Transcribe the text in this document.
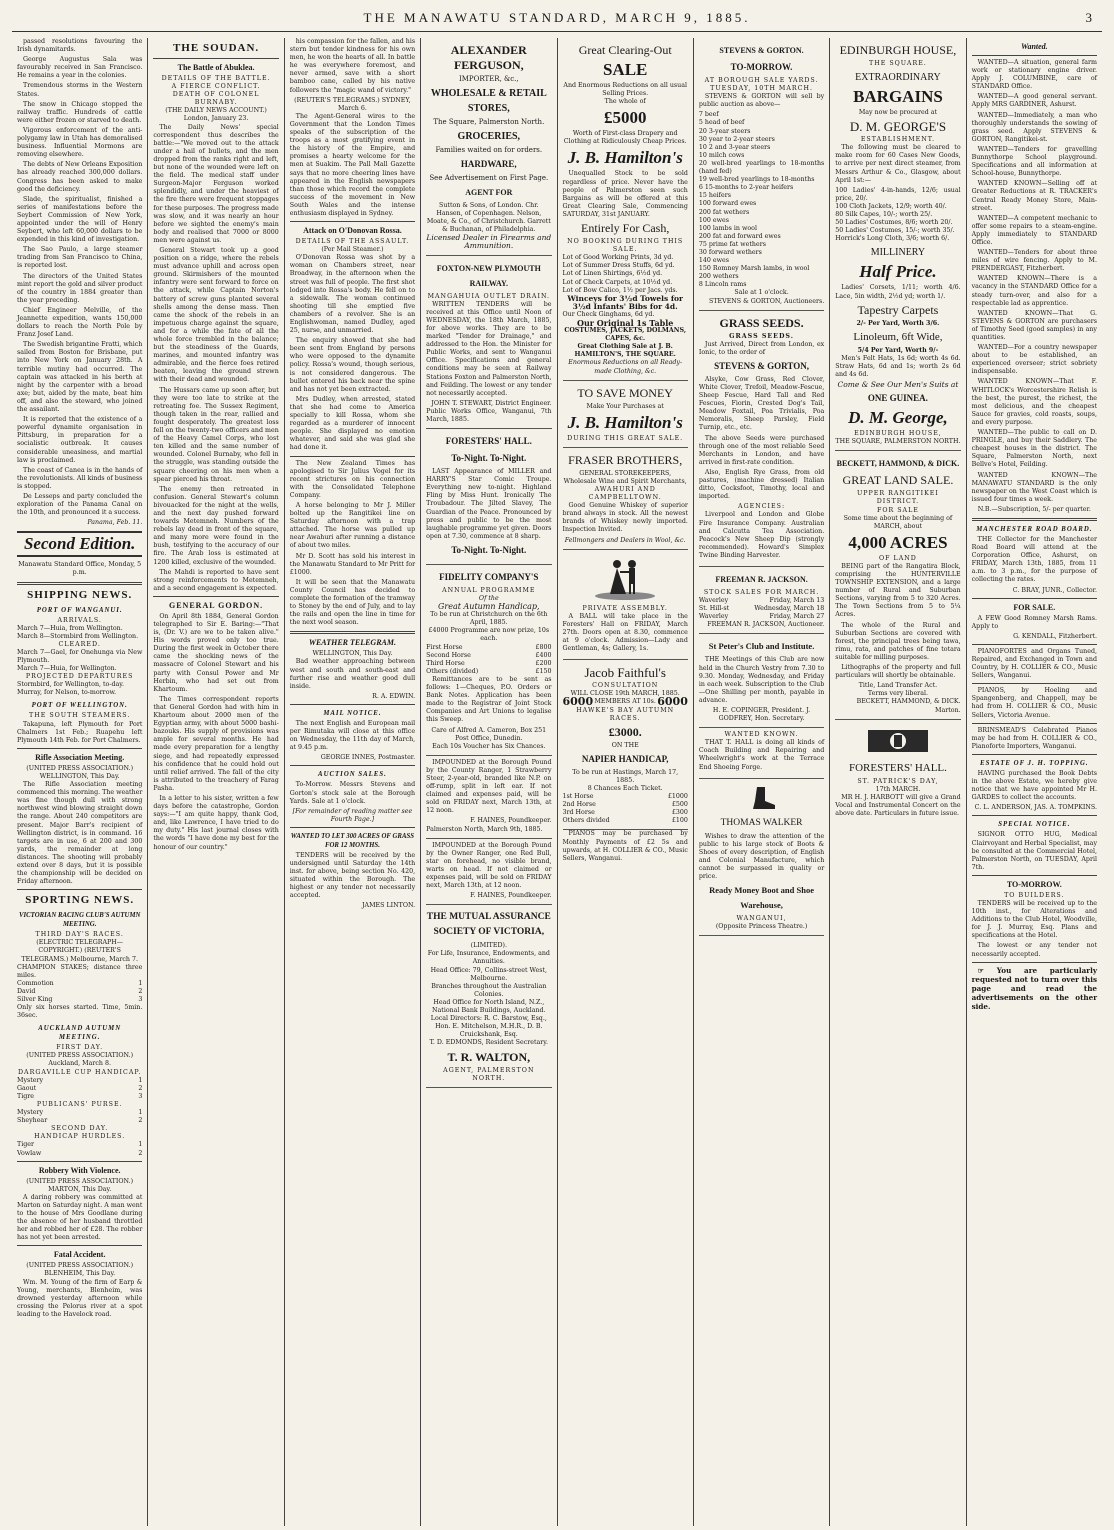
THE MANAWATU STANDARD, MARCH 9, 1885.	3

passed resolutions favouring the Irish dynamitards.

George Augustus Sala was favourably received in San Francisco. He remains a year in the colonies.

Tremendous storms in the Western States.

The snow in Chicago stopped the railway traffic. Hundreds of cattle were either frozen or starved to death.

Vigorous enforcement of the anti-polygamy law in Utah has demoralised business. Influential Mormons are removing elsewhere.

The debts of New Orleans Exposition has already reached 300,000 dollars. Congress has been asked to make good the deficiency.

Slade, the spiritualist, finished a series of manifestations before the Seybert Commission of New York, appointed under the will of Henry Seybert, who left 60,000 dollars to be expended in this kind of investigation.

The Sao Paulo, a large steamer trading from San Francisco to China, is reported lost.

The directors of the United States mint report the gold and silver product of the country in 1884 greater than the year preceding.

Chief Engineer Melville, of the Jeannette expedition, wants 150,000 dollars to reach the North Pole by Franz Josef Land.

The Swedish brigantine Fratti, which sailed from Boston for Brisbane, put into New York on January 28th. A terrible mutiny had occurred. The captain was attacked in his berth at night by the carpenter with a broad axe; but, aided by the mate, beat him off, and also the steward, who joined the assailant.

It is reported that the existence of a powerful dynamite organisation in Pittsburg, in preparation for a socialistic outbreak. It causes considerable uneasiness, and martial law is proclaimed.

The coast of Canea is in the hands of the revolutionists. All kinds of business is stopped.

De Lesseps and party concluded the exploration of the Panama Canal on the 10th, and pronounced it a success.

Panama, Feb. 11.
Second Edition.
Manawatu Standard Office, Monday, 5 p.m.
SHIPPING NEWS.
PORT OF WANGANUI.
ARRIVALS.
March 7—Huia, from Wellington.
March 8—Stormbird from Wellington.
CLEARED.
March 7—Gael, for Onehunga via New Plymouth.
March 7—Huia, for Wellington.
PROJECTED DEPARTURES
Stormbird, for Wellington, to-day.
Murray, for Nelson, to-morrow.
PORT OF WELLINGTON.
THE SOUTH STEAMERS.

Takapuna, left Plymouth for Port Chalmers 1st Feb.; Ruapehu left Plymouth 14th Feb. for Port Chalmers.

Rifle Association Meeting.
(UNITED PRESS ASSOCIATION.) WELLINGTON, This Day.

The Rifle Association meeting commenced this morning. The weather was fine though dull with strong northwest wind blowing straight down the range. About 240 competitors are present. Major Barr's recipient of Wellington district, is in command. 16 targets are in use, 6 at 200 and 300 yards, the remainder at long distances. The shooting will probably extend over 8 days, but it is possible the championship will be decided on Friday afternoon.

SPORTING NEWS.
VICTORIAN RACING CLUB'S AUTUMN MEETING.
THIRD DAY'S RACES.
(ELECTRIC TELEGRAPH—COPYRIGHT.) (REUTER'S TELEGRAMS.) Melbourne, March 7.
CHAMPION STAKES; distance three miles.
Commotion	1
David	2
Silver King	3
Only six horses started. Time, 5min. 36sec.
AUCKLAND AUTUMN MEETING.
FIRST DAY.
(UNITED PRESS ASSOCIATION.) Auckland, March 8.
DARGAVILLE CUP HANDICAP.
Mystery	1
Gaout	2
Tigre	3
PUBLICANS' PURSE.
Mystery	1
Sheyhear	2
SECOND DAY.
HANDICAP HURDLES.
Tiger	1
Vowlaw	2
Robbery With Violence.
(UNITED PRESS ASSOCIATION.) MARTON, This Day.

A daring robbery was committed at Marton on Saturday night. A man went to the house of Mrs Goodlane during the absence of her husband throttled her and robbed her of £28. The robber has not yet been arrested.

Fatal Accident.
(UNITED PRESS ASSOCIATION.) BLENHEIM, This Day.

Wm. M. Young of the firm of Earp & Young, merchants, Blenheim, was drowned yesterday afternoon while crossing the Pelorus river at a spot leading to the Havelock road.

THE SOUDAN.
The Battle of Abuklea.
DETAILS OF THE BATTLE.
A FIERCE CONFLICT.
DEATH OF COLONEL BURNABY.
(THE DAILY NEWS ACCOUNT.) London, January 23.

The Daily News' special correspondent thus describes the battle:—"We moved out to the attack under a hail of bullets, and the men dropped from the ranks right and left, but none of the wounded were left on the field. The medical staff under Surgeon-Major Ferguson worked splendidly, and under the heaviest of the fire there were frequent stoppages for these purposes. The progress made was slow, and it was nearly an hour before we sighted the enemy's main body and realised that 7000 or 8000 men were against us.

General Stewart took up a good position on a ridge, where the rebels must advance uphill and across open ground. Skirmishers of the mounted infantry were sent forward to force on the attack, while Captain Norton's battery of screw guns planted several shells among the dense mass. Then came the shock of the rebels in an impetuous charge against the square, and for a while the fate of all the whole force trembled in the balance; but the steadiness of the Guards, marines, and mounted infantry was admirable, and the fierce foes retired beaten, leaving the ground strewn with their dead and wounded.

The Hussars came up soon after, but they were too late to strike at the retreating foe. The Sussex Regiment, though taken in the rear, rallied and fought desperately. The greatest loss fell on the twenty-two officers and men of the Heavy Camel Corps, who lost ten killed and the same number of wounded. Colonel Burnaby, who fell in the struggle, was standing outside the square cheering on his men when a spear pierced his throat.

The enemy then retreated in confusion. General Stewart's column bivouacked for the night at the wells, and the next day pushed forward towards Metemneh. Numbers of the rebels lay dead in front of the square, and many more were found in the bush, testifying to the accuracy of our fire. The Arab loss is estimated at 1200 killed, exclusive of the wounded.

The Mahdi is reported to have sent strong reinforcements to Metemneh, and a second engagement is expected.

GENERAL GORDON.

On April 8th 1884, General Gordon telegraphed to Sir E. Baring:—"That is, (Dr. V.) are we to be taken alive." His words proved only too true. During the first week in October there came the shocking news of the massacre of Colonel Stewart and his party with Consul Power and Mr Herbin, who had set out from Khartoum.

The Times correspondent reports that General Gordon had with him in Khartoum about 2000 men of the Egyptian army, with about 5000 bashi-bazouks. His supply of provisions was ample for several months. He had made every preparation for a lengthy siege, and had repeatedly expressed his confidence that he could hold out until relief arrived. The fall of the city is attributed to the treachery of Farag Pasha.

In a letter to his sister, written a few days before the catastrophe, Gordon says:—"I am quite happy, thank God, and, like Lawrence, I have tried to do my duty." His last journal closes with the words "I have done my best for the honour of our country."

his compassion for the fallen, and his stern but tender kindness for his own men, he won the hearts of all. In battle he was everywhere foremost, and never armed, save with a short bamboo cane, called by his native followers the "magic wand of victory."

(REUTER'S TELEGRAMS.) SYDNEY, March 6.

The Agent-General wires to the Government that the London Times speaks of the subscription of the troops as a most gratifying event in the history of the Empire, and promises a hearty welcome for the men at Suakim. The Pall Mall Gazette says that no more cheering lines have appeared in the English newspapers than those which record the complete success of the movement in New South Wales and the intense enthusiasm displayed in Sydney.

Attack on O'Donovan Rossa.
DETAILS OF THE ASSAULT.
(Per Mail Steamer.)

O'Donovan Rossa was shot by a woman on Chambers street, near Broadway, in the afternoon when the street was full of people. The first shot lodged into Rossa's body. He fell on to a sidewalk. The woman continued shooting till she emptied five chambers of a revolver. She is an Englishwoman, named Dudley, aged 25, nurse, and unmarried.

The enquiry showed that she had been sent from England by persons who were opposed to the dynamite policy. Rossa's wound, though serious, is not considered dangerous. The bullet entered his back near the spine and has not yet been extracted.

Mrs Dudley, when arrested, stated that she had come to America specially to kill Rossa, whom she regarded as a murderer of innocent people. She displayed no emotion whatever, and said she was glad she had done it.

The New Zealand Times has apologised to Sir Julius Vogel for its recent strictures on his connection with the Consolidated Telephone Company.

A horse belonging to Mr J. Miller bolted up the Rangitikei line on Saturday afternoon with a trap attached. The horse was pulled up near Awahuri after running a distance of about two miles.

Mr D. Scott has sold his interest in the Manawatu Standard to Mr Pritt for £1000.

It will be seen that the Manawatu County Council has decided to complete the formation of the tramway to Stoney by the end of July, and to lay the rails and open the line in time for the next wool season.

WEATHER TELEGRAM.
WELLINGTON, This Day.

Bad weather approaching between west and south and south-east and further rise and weather good dull inside.

R. A. EDWIN.
MAIL NOTICE.

The next English and European mail per Rimutaka will close at this office on Wednesday, the 11th day of March, at 9.45 p.m.

GEORGE INNES, Postmaster.
AUCTION SALES.

To-Morrow. Messrs Stevens and Gorton's stock sale at the Borough Yards. Sale at 1 o'clock.

[For remainder of reading matter see Fourth Page.]
WANTED TO LET 300 ACRES OF GRASS FOR 12 MONTHS.

TENDERS will be received by the undersigned until Saturday the 14th inst. for above, being section No. 420, situated within the Borough. The highest or any tender not necessarily accepted.

JAMES LINTON.
ALEXANDER FERGUSON,
IMPORTER, &c.,
WHOLESALE & RETAIL STORES,
The Square, Palmerston North.
GROCERIES,
Families waited on for orders.
HARDWARE,
See Advertisement on First Page.
AGENT FOR
Sutton & Sons, of London. Chr. Hansen, of Copenhagen. Nelson, Moate, & Co., of Christchurch. Garrett & Buchanan, of Philadelphia.
Licensed Dealer in Firearms and Ammunition.
FOXTON-NEW PLYMOUTH RAILWAY.
MANGAHUIA OUTLET DRAIN.

WRITTEN TENDERS will be received at this Office until Noon of WEDNESDAY, the 18th March, 1885, for above works. They are to be marked "Tender for Drainage," and addressed to the Hon. the Minister for Public Works, and sent to Wanganui Office. Specifications and general conditions may be seen at Railway Stations Foxton and Palmerston North, and Feilding. The lowest or any tender not necessarily accepted.

JOHN T. STEWART, District Engineer.
Public Works Office, Wanganui, 7th March, 1885.
FORESTERS' HALL.
To-Night. To-Night.

LAST Appearance of MILLER and HARRY'S Star Comic Troupe. Everything new to-night. Highland Fling by Miss Hunt. Ironically The Troubadour. The Jilted Slavey, The Guardian of the Peace. Pronounced by press and public to be the most laughable programme yet given. Doors open at 7.30, commence at 8 sharp.

To-Night. To-Night.
FIDELITY COMPANY'S
ANNUAL PROGRAMME
Of the
Great Autumn Handicap,
To be run at Christchurch on the 6th April, 1885.
£4000 Programme are now prize, 10s each.
First Horse	£800
Second Horse	£400
Third Horse	£200
Others (divided)	£150

Remittances are to be sent as follows: 1—Cheques, P.O. Orders or Bank Notes. Application has been made to the Registrar of Joint Stock Companies and Art Unions to legalise this Sweep.

Care of Alfred A. Cameron, Box 251 Post Office, Dunedin.
Each 10s Voucher has Six Chances.

IMPOUNDED at the Borough Pound by the County Ranger, 1 Strawberry Steer, 2-year-old, branded like N.P. on off-rump, split in left ear. If not claimed and expenses paid, will be sold on FRIDAY next, March 13th, at 12 noon.

F. HAINES, Poundkeeper.
Palmerston North, March 9th, 1885.

IMPOUNDED at the Borough Pound by the Owner Ranger, one Red Bull, star on forehead, no visible brand, warts on head. If not claimed or expenses paid, will be sold on FRIDAY next, March 13th, at 12 noon.

F. HAINES, Poundkeeper.
THE MUTUAL ASSURANCE SOCIETY OF VICTORIA,
(LIMITED).
For Life, Insurance, Endowments, and Annuities.
Head Office: 79, Collins-street West, Melbourne.
Branches throughout the Australian Colonies.
Head Office for North Island, N.Z., National Bank Buildings, Auckland.
Local Directors: R. C. Barstow, Esq., Hon. E. Mitchelson, M.H.R., D. B. Cruickshank, Esq.
T. D. EDMONDS, Resident Secretary.
T. R. WALTON,
AGENT, PALMERSTON NORTH.
Great Clearing-Out
SALE
And Enormous Reductions on all usual Selling Prices.
The whole of
£5000
Worth of First-class Drapery and Clothing at Ridiculously Cheap Prices.
J. B. Hamilton's

Unequalled Stock to be sold regardless of price. Never have the people of Palmerston seen such Bargains as will be offered at this Great Clearing Sale, Commencing SATURDAY, 31st JANUARY.

Entirely For Cash,
NO BOOKING DURING THIS SALE.
Lot of Good Working Prints, 3d yd.
Lot of Summer Dress Stuffs, 6d yd.
Lot of Linen Shirtings, 6½d yd.
Lot of Check Carpets, at 10½d yd.
Lot of Bow Calico, 1½ per Jacs. yds.
Winceys for 3½d Towels for 3½d Infants' Bibs for 4d.
Our Check Ginghams, 6d yd.
Our Original 1s Table
COSTUMES, JACKETS, DOLMANS, CAPES, &c.
Great Clothing Sale at J. B. HAMILTON'S, THE SQUARE.
Enormous Reductions on all Ready-made Clothing, &c.
TO SAVE MONEY
Make Your Purchases at
J. B. Hamilton's
DURING THIS GREAT SALE.
FRASER BROTHERS,
GENERAL STOREKEEPERS, Wholesale Wine and Spirit Merchants,
AWAHURI AND CAMPBELLTOWN.

Good Genuine Whiskey of superior brand always in stock. All the newest brands of Whiskey newly imported. Inspection Invited.

Fellmongers and Dealers in Wool, &c.
PRIVATE ASSEMBLY.

A BALL will take place in the Foresters' Hall on FRIDAY, March 27th. Doors open at 8.30, commence at 9 o'clock. Admission—Lady and Gentleman, 4s; Gallery, 1s.

Jacob Faithful's
CONSULTATION
WILL CLOSE 19th MARCH, 1885.
6000 MEMBERS AT 10s. 6000
HAWKE'S BAY AUTUMN RACES.
£3000.
ON THE
NAPIER HANDICAP,
To be run at Hastings, March 17, 1885.
8 Chances Each Ticket.
1st Horse	£1000
2nd Horse	£500
3rd Horse	£300
Others divided	£100

PIANOS may be purchased by Monthly Payments of £2 5s and upwards, at H. COLLIER & CO., Music Sellers, Wanganui.

STEVENS & GORTON.
TO-MORROW.
AT BOROUGH SALE YARDS.
TUESDAY, 10TH MARCH.

STEVENS & GORTON will sell by public auction as above—

7 beef
5 head of beef
20 3-year steers
30 year to 2-year steers
10 2 and 3-year steers
10 milch cows
20 well-bred yearlings to 18-months (hand fed)
19 well-bred yearlings to 18-months
6 15-months to 2-year heifers
15 heifers
100 forward ewes
200 fat wethers
100 ewes
100 lambs in wool
200 fat and forward ewes
75 prime fat wethers
30 forward wethers
140 ewes
150 Romney Marsh lambs, in wool
200 wethers
8 Lincoln rams
Sale at 1 o'clock.
STEVENS & GORTON, Auctioneers.
GRASS SEEDS.
GRASS SEEDS.

Just Arrived, Direct from London, ex Ionic, to the order of

STEVENS & GORTON,

Alsyke, Cow Grass, Red Clover, White Clover, Trefoil, Meadow-Fescue, Sheep Fescue, Hard Tall and Red Fescues, Fiorin, Crested Dog's Tail, Meadow Foxtail, Poa Trivialis, Poa Nemoralis, Sheep Parsley, Field Turnip, etc., etc.

The above Seeds were purchased through one of the most reliable Seed Merchants in London, and have arrived in first-rate condition.

Also, English Rye Grass, from old pastures, (machine dressed) Italian ditto, Cocksfoot, Timothy, local and imported.

AGENCIES:

Liverpool and London and Globe Fire Insurance Company. Australian and Calcutta Tea Association. Peacock's New Sheep Dip (strongly recommended). Howard's Simplex Twine Binding Harvester.

FREEMAN R. JACKSON.
STOCK SALES FOR MARCH.
Waverley	Friday, March 13
St. Hill-st	Wednesday, March 18
Waverley	Friday, March 27
FREEMAN R. JACKSON, Auctioneer.
St Peter's Club and Institute.

THE Meetings of this Club are now held in the Church Vestry from 7.30 to 9.30. Monday, Wednesday, and Friday in each week. Subscription to the Club—One Shilling per month, payable in advance.

H. E. COPINGER, President. J. GODFREY, Hon. Secretary.
WANTED KNOWN.

THAT T. HALL is doing all kinds of Coach Building and Repairing and Wheelwright's work at the Terrace End Shoeing Forge.

THOMAS WALKER

Wishes to draw the attention of the public to his large stock of Boots & Shoes of every description, of English and Colonial Manufacture, which cannot be surpassed in quality or price.

Ready Money Boot and Shoe Warehouse,
WANGANUI,
(Opposite Princess Theatre.)
EDINBURGH HOUSE,
THE SQUARE.
EXTRAORDINARY
BARGAINS
May now be procured at
D. M. GEORGE'S
ESTABLISHMENT.

The following must be cleared to make room for 60 Cases New Goods, to arrive per next direct steamer, from Messrs Arthur & Co., Glasgow, about April 1st:—

100 Ladies' 4-in-hands, 12/6; usual price, 20/.
100 Cloth Jackets, 12/9; worth 40/.
80 Silk Capes, 10/-; worth 25/.
50 Ladies' Costumes, 8/6; worth 20/.
50 Ladies' Costumes, 15/-; worth 35/.
Horrick's Long Cloth, 3/6; worth 6/.
MILLINERY
Half Price.

Ladies' Corsets, 1/11; worth 4/6. Lace, 5in width, 2½d yd; worth 1/.

Tapestry Carpets
2/- Per Yard, Worth 3/6.
Linoleum, 6ft Wide,
5/4 Per Yard, Worth 9/-

Men's Felt Hats, 1s 6d; worth 4s 6d. Straw Hats, 6d and 1s; worth 2s 6d and 4s 6d.

Come & See Our Men's Suits at
ONE GUINEA.
D. M. George,
EDINBURGH HOUSE,
THE SQUARE, PALMERSTON NORTH.
BECKETT, HAMMOND, & DICK.
GREAT LAND SALE.
UPPER RANGITIKEI DISTRICT.
FOR SALE
Some time about the beginning of MARCH, about
4,000 ACRES
OF LAND

BEING part of the Rangatira Block, comprising the HUNTERVILLE TOWNSHIP EXTENSION, and a large number of Rural and Suburban Sections, varying from 5 to 320 Acres. The Town Sections from 5 to 5¼ Acres.

The whole of the Rural and Suburban Sections are covered with forest, the principal trees being tawa, rimu, rata, and patches of fine totara suitable for milling purposes.

Lithographs of the property and full particulars will shortly be obtainable.

Title, Land Transfer Act.
Terms very liberal.
BECKETT, HAMMOND, & DICK. Marton.
FORESTERS' HALL.
ST. PATRICK'S DAY,
17th MARCH.

MR H. J. HARBOTT will give a Grand Vocal and Instrumental Concert on the above date. Particulars in future issue.

Wanted.

WANTED—A situation, general farm work or stationary engine driver. Apply J. COLUMBINE, care of STANDARD Office.

WANTED—A good general servant. Apply MRS GARDINER, Ashurst.

WANTED—Immediately, a man who thoroughly understands the sowing of grass seed. Apply STEVENS & GORTON, Rangitikei-st.

WANTED—Tenders for gravelling Bunnythorpe School playground. Specifications and all information at School-house, Bunnythorpe.

WANTED KNOWN—Selling off at Greater Reductions at R. TRACKER's Central Ready Money Store, Main-street.

WANTED—A competent mechanic to offer some repairs to a steam-engine. Apply immediately to STANDARD Office.

WANTED—Tenders for about three miles of wire fencing. Apply to M. PRENDERGAST, Fitzherbert.

WANTED KNOWN—There is a vacancy in the STANDARD Office for a steady turn-over, and also for a respectable lad as apprentice.

WANTED KNOWN—That G. STEVENS & GORTON are purchasers of Timothy Seed (good samples) in any quantities.

WANTED—For a country newspaper about to be established, an experienced overseer; strict sobriety indispensable.

WANTED KNOWN—That F. WHITLOCK's Worcestershire Relish is the best, the purest, the richest, the most delicious, and the cheapest Sauce for gravies, cold roasts, soups, and every purpose.

WANTED—The public to call on D. PRINGLE, and buy their Saddlery. The cheapest houses in the district. The Square, Palmerston North, next Bellve's Hotel, Feilding.

WANTED KNOWN—The MANAWATU STANDARD is the only newspaper on the West Coast which is issued four times a week.

N.B.—Subscription, 5/- per quarter.
MANCHESTER ROAD BOARD.

THE Collector for the Manchester Road Board will attend at the Corporation Office, Ashurst, on FRIDAY, March 13th, 1885, from 11 a.m. to 3 p.m., for the purpose of collecting the rates.

C. BRAY, JUNR., Collector.
FOR SALE.

A FEW Good Romney Marsh Rams. Apply to

G. KENDALL, Fitzherbert.

PIANOFORTES and Organs Tuned, Repaired, and Exchanged in Town and Country, by H. COLLIER & CO., Music Sellers, Wanganui.

PIANOS, by Hoeling and Spangenberg, and Chappell, may be had from H. COLLIER & CO., Music Sellers, Victoria Avenue.

BRINSMEAD'S Celebrated Pianos may be had from H. COLLIER & CO., Pianoforte Importers, Wanganui.

ESTATE OF J. H. TOPPING.

HAVING purchased the Book Debts in the above Estate, we hereby give notice that we have appointed Mr H. GARDES to collect the accounts.

C. L. ANDERSON, JAS. A. TOMPKINS.
SPECIAL NOTICE.

SIGNOR OTTO HUG, Medical Clairvoyant and Herbal Specialist, may be consulted at the Commercial Hotel, Palmerston North, on TUESDAY, April 7th.

TO-MORROW.
TO BUILDERS.

TENDERS will be received up to the 10th inst., for Alterations and Additions to the Club Hotel, Woodville, for J. J. Murray, Esq. Plans and specifications at the Hotel.

The lowest or any tender not necessarily accepted.

☞ You are particularly requested not to turn over this page and read the advertisements on the other side.
